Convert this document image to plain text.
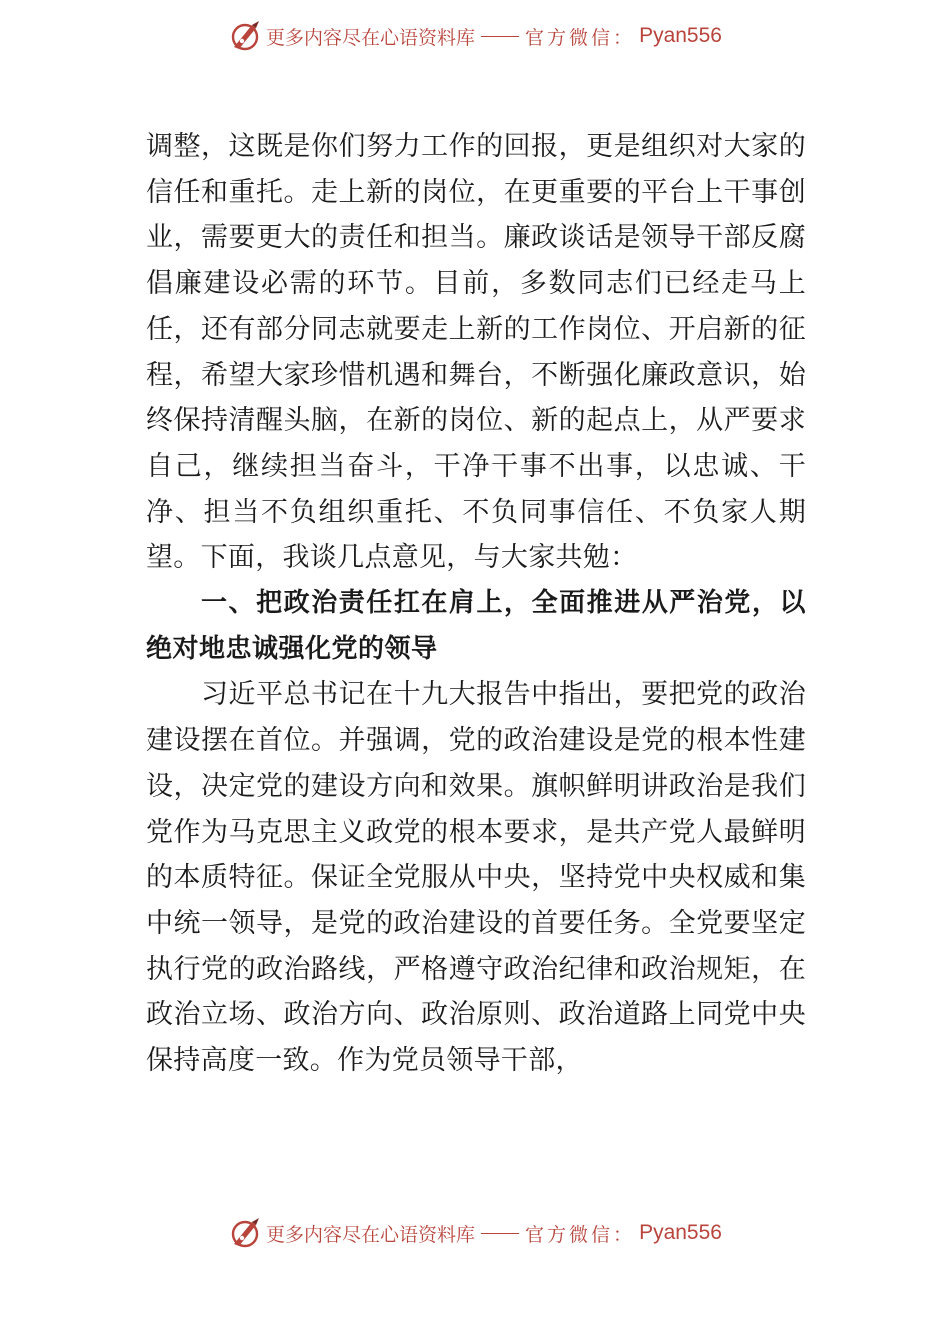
更多内容尽在心语资料库	官方微信： Pyan556

调整，这既是你们努力工作的回报，更是组织对大家的信任和重托。走上新的岗位，在更重要的平台上干事创业，需要更大的责任和担当。廉政谈话是领导干部反腐倡廉建设必需的环节。目前，多数同志们已经走马上任，还有部分同志就要走上新的工作岗位、开启新的征程，希望大家珍惜机遇和舞台，不断强化廉政意识，始终保持清醒头脑，在新的岗位、新的起点上，从严要求自己，继续担当奋斗，干净干事不出事，以忠诚、干净、担当不负组织重托、不负同事信任、不负家人期望。下面，我谈几点意见，与大家共勉：

一、把政治责任扛在肩上，全面推进从严治党，以绝对地忠诚强化党的领导

习近平总书记在十九大报告中指出，要把党的政治建设摆在首位。并强调，党的政治建设是党的根本性建设，决定党的建设方向和效果。旗帜鲜明讲政治是我们党作为马克思主义政党的根本要求，是共产党人最鲜明的本质特征。保证全党服从中央，坚持党中央权威和集中统一领导，是党的政治建设的首要任务。全党要坚定执行党的政治路线，严格遵守政治纪律和政治规矩，在政治立场、政治方向、政治原则、政治道路上同党中央保持高度一致。作为党员领导干部，

更多内容尽在心语资料库	官方微信： Pyan556
